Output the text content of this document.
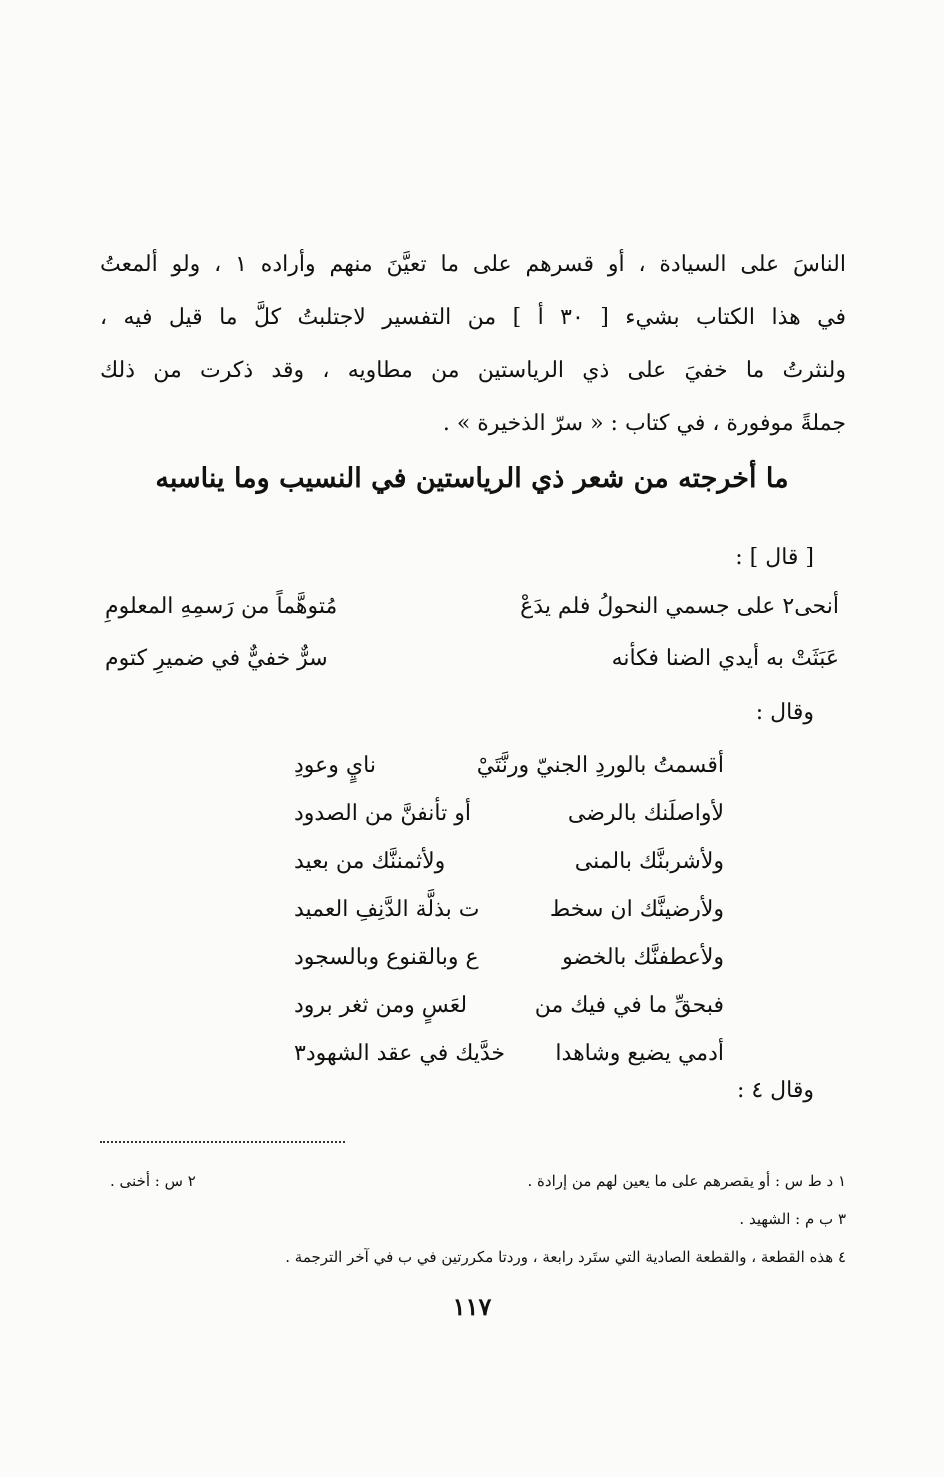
الناسَ على السيادة ، أو قسرهم على ما تعيَّنَ منهم وأراده ١ ، ولو ألمعتُ
في هذا الكتاب بشيء [ ٣٠ أ ] من التفسير لاجتلبتُ كلَّ ما قيل فيه ،
ولنثرتُ ما خفيَ على ذي الرياستين من مطاويه ، وقد ذكرت من ذلك
جملةً موفورة ، في كتاب : « سرّ الذخيرة » .
ما أخرجته من شعر ذي الرياستين في النسيب وما يناسبه
[ قال ] :
أنحى٢ على جسمي النحولُ فلم يدَعْ
مُتوهَّماً من رَسمِهِ المعلومِ
عَبَثَتْ به أيدي الضنا فكأنه
سرٌّ خفيٌّ في ضميرِ كتوم
وقال :
أقسمتُ بالوردِ الجنيّ ورنَّتَيْ
نايٍ وعودِ
لأواصلَنك بالرضى
أو تأنفنَّ من الصدود
ولأشربنَّك بالمنى
ولأثمننَّك من بعيد
ولأرضينَّك ان سخط
ت بذلَّة الدَّنِفِ العميد
ولأعطفنَّك بالخضو
ع وبالقنوع وبالسجود
فبحقِّ ما في فيك من
لعَسٍ ومن ثغر برود
أدمي يضيع وشاهدا
خدَّيك في عقد الشهود٣
وقال ٤ :
١ د ط س : أو يقصرهم على ما يعين لهم من إرادة .
٢ س : أخنى .
٣ ب م : الشهيد .
٤ هذه القطعة ، والقطعة الصادية التي ستَرد رابعة ، وردتا مكررتين في ب في آخر الترجمة .
١١٧
